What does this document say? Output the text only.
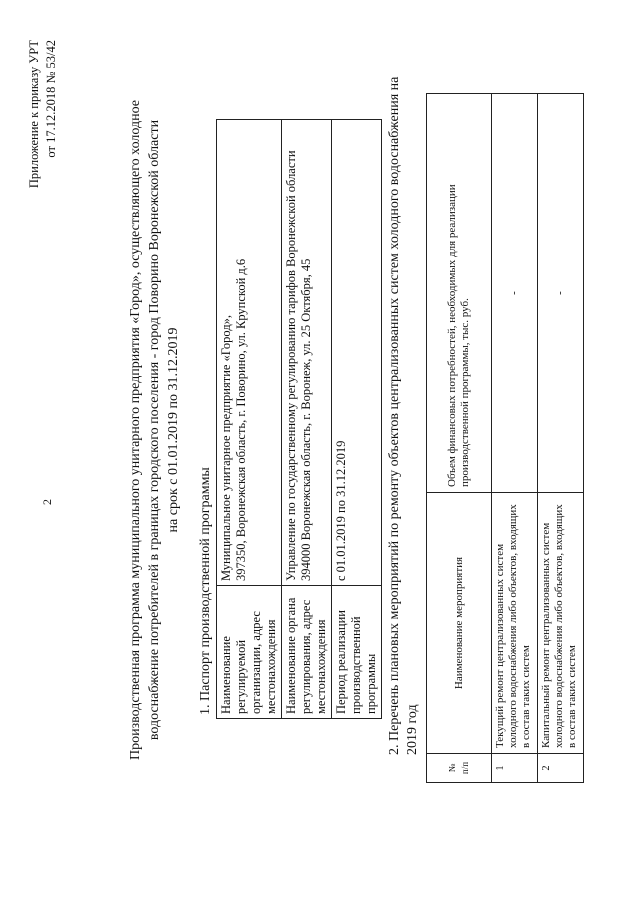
2
Приложение к приказу УРТ от 17.12.2018 № 53/42
Производственная программа муниципального унитарного предприятия «Город», осуществляющего холодное водоснабжение потребителей в границах городского поселения - город Поворино Воронежской области на срок с 01.01.2019 по 31.12.2019
1. Паспорт производственной программы Наименование регулируемой организации, адрес местонахождения	Муниципальное унитарное предприятие «Город», 397350, Воронежская область, г. Поворино, ул. Крупской д.6

Наименование органа регулирования, адрес местонахождения	Управление по государственному регулированию тарифов Воронежской области 394000 Воронежская область, г. Воронеж, ул. 25 Октября, 45

Период реализации производственной программы	с 01.01.2019 по 31.12.2019	2. Перечень плановых мероприятий по ремонту объектов централизованных систем холодного водоснабжения на 2019 год
№ п/п	Наименование мероприятия	Объем финансовых потребностей, необходимых для реализации производственной программы, тыс. руб.
1	Текущий ремонт централизованных систем холодного водоснабжения либо объектов, входящих в состав таких систем	-
2	Капитальный ремонт централизованных систем холодного водоснабжения либо объектов, входящих в состав таких систем	-
